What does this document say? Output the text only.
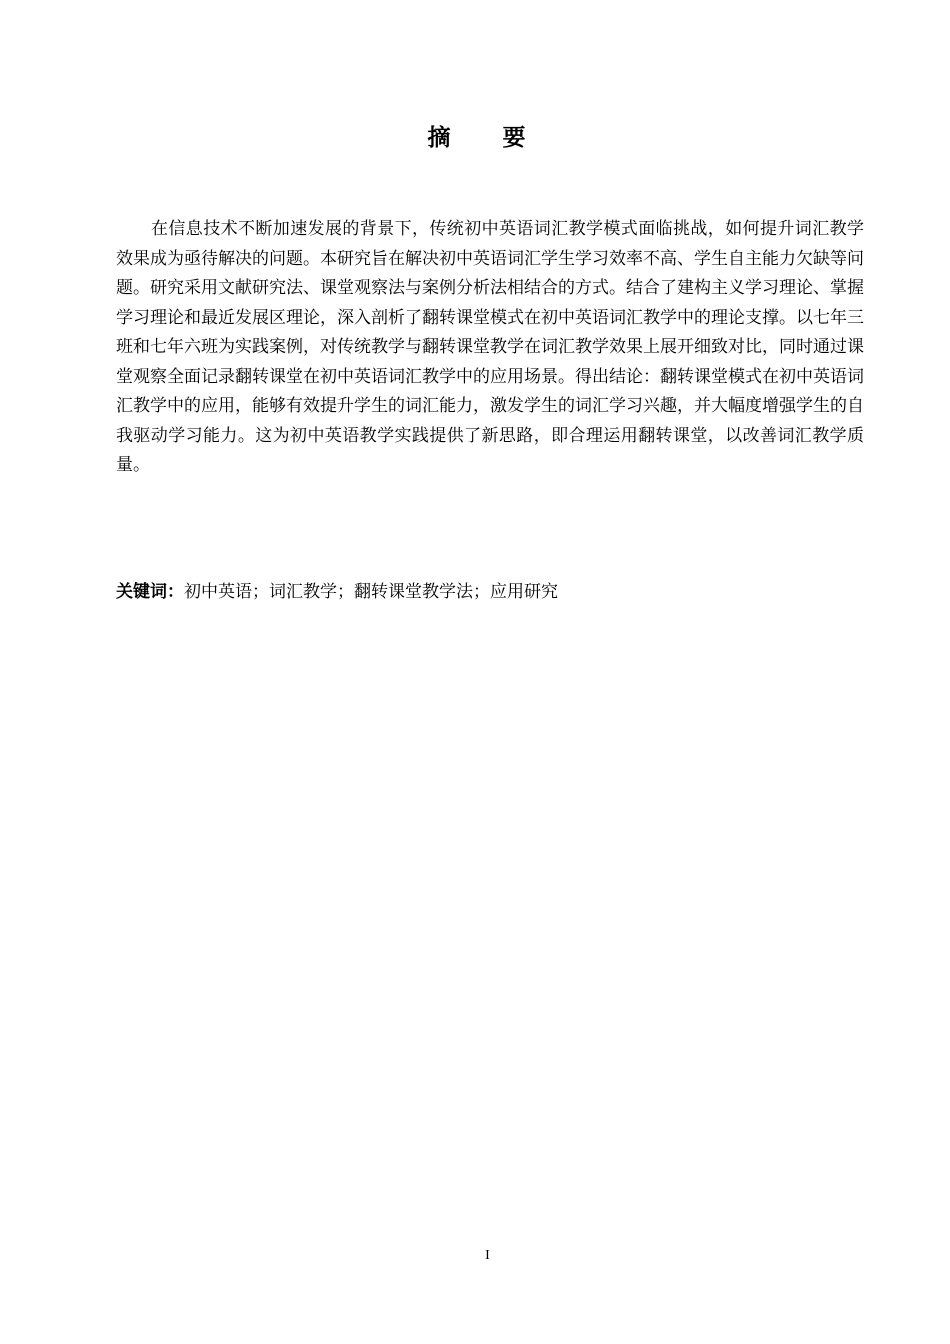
摘 要

在信息技术不断加速发展的背景下，传统初中英语词汇教学模式面临挑战，如何提升词汇教学效果成为亟待解决的问题。本研究旨在解决初中英语词汇学生学习效率不高、学生自主能力欠缺等问题。研究采用文献研究法、课堂观察法与案例分析法相结合的方式。结合了建构主义学习理论、掌握学习理论和最近发展区理论，深入剖析了翻转课堂模式在初中英语词汇教学中的理论支撑。以七年三班和七年六班为实践案例，对传统教学与翻转课堂教学在词汇教学效果上展开细致对比，同时通过课堂观察全面记录翻转课堂在初中英语词汇教学中的应用场景。得出结论：翻转课堂模式在初中英语词汇教学中的应用，能够有效提升学生的词汇能力，激发学生的词汇学习兴趣，并大幅度增强学生的自我驱动学习能力。这为初中英语教学实践提供了新思路，即合理运用翻转课堂，以改善词汇教学质量。

关键词：初中英语；词汇教学；翻转课堂教学法；应用研究

I
